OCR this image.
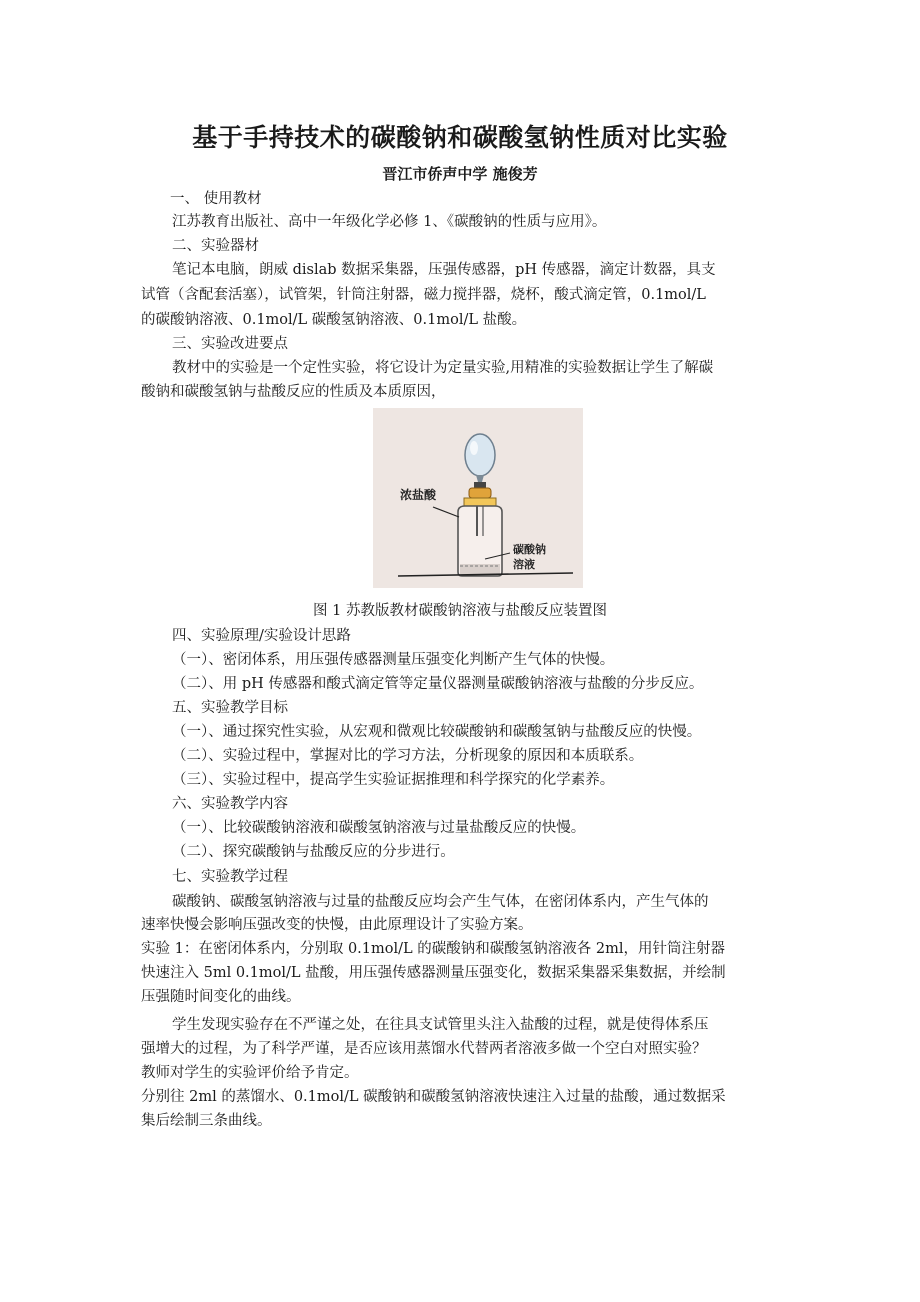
基于手持技术的碳酸钠和碳酸氢钠性质对比实验
晋江市侨声中学 施俊芳
一、 使用教材
江苏教育出版社、高中一年级化学必修 1、《碳酸钠的性质与应用》。
二、实验器材
笔记本电脑，朗威 dislab 数据采集器，压强传感器，pH 传感器，滴定计数器，具支
试管（含配套活塞），试管架，针筒注射器，磁力搅拌器，烧杯，酸式滴定管，0.1mol/L
的碳酸钠溶液、0.1mol/L 碳酸氢钠溶液、0.1mol/L 盐酸。
三、实验改进要点
教材中的实验是一个定性实验，将它设计为定量实验,用精准的实验数据让学生了解碳
酸钠和碳酸氢钠与盐酸反应的性质及本质原因，
浓盐酸
碳酸钠
溶液
图 1 苏教版教材碳酸钠溶液与盐酸反应装置图
四、实验原理/实验设计思路
（一）、密闭体系，用压强传感器测量压强变化判断产生气体的快慢。
（二）、用 pH 传感器和酸式滴定管等定量仪器测量碳酸钠溶液与盐酸的分步反应。
五、实验教学目标
（一）、通过探究性实验，从宏观和微观比较碳酸钠和碳酸氢钠与盐酸反应的快慢。
（二）、实验过程中，掌握对比的学习方法，分析现象的原因和本质联系。
（三）、实验过程中，提高学生实验证据推理和科学探究的化学素养。
六、实验教学内容
（一）、比较碳酸钠溶液和碳酸氢钠溶液与过量盐酸反应的快慢。
（二）、探究碳酸钠与盐酸反应的分步进行。
七、实验教学过程
碳酸钠、碳酸氢钠溶液与过量的盐酸反应均会产生气体，在密闭体系内，产生气体的
速率快慢会影响压强改变的快慢，由此原理设计了实验方案。
实验 1：在密闭体系内，分别取 0.1mol/L 的碳酸钠和碳酸氢钠溶液各 2ml，用针筒注射器
快速注入 5ml 0.1mol/L 盐酸，用压强传感器测量压强变化，数据采集器采集数据，并绘制
压强随时间变化的曲线。
学生发现实验存在不严谨之处，在往具支试管里头注入盐酸的过程，就是使得体系压
强增大的过程，为了科学严谨，是否应该用蒸馏水代替两者溶液多做一个空白对照实验？
教师对学生的实验评价给予肯定。
分别往 2ml 的蒸馏水、0.1mol/L 碳酸钠和碳酸氢钠溶液快速注入过量的盐酸，通过数据采
集后绘制三条曲线。
